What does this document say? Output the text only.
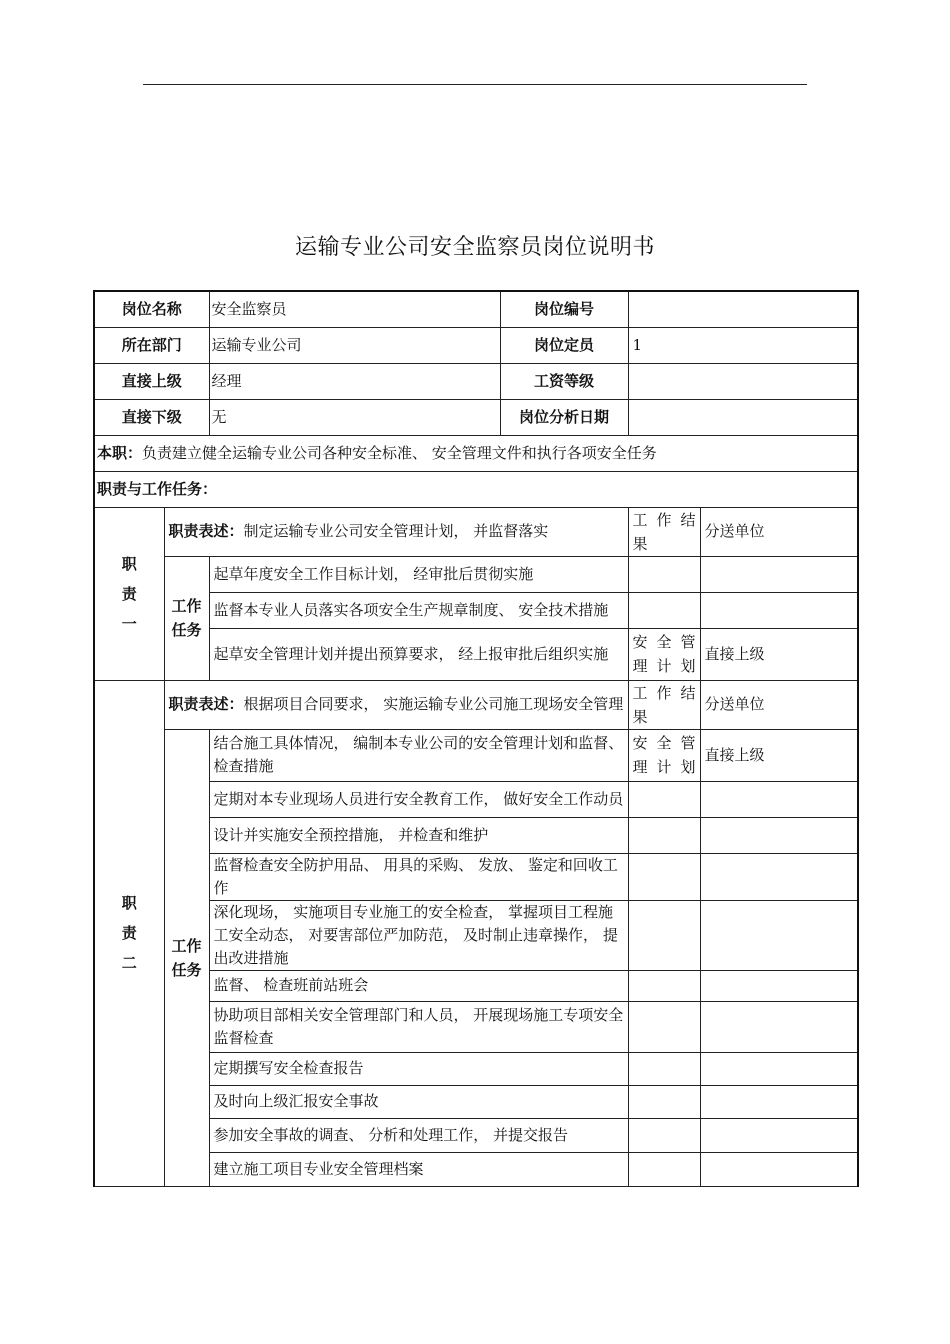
运输专业公司安全监察员岗位说明书
岗位名称		安全监察员	岗位编号		
所在部门		运输专业公司	岗位定员	1	
直接上级		经理	工资等级		
直接下级		无	岗位分析日期		
本职：负责建立健全运输专业公司各种安全标准、 安全管理文件和执行各项安全任务					
职责与工作任务：					

职
责
一	职责表述：制定运输专业公司安全管理计划， 并监督落实			工 作 结 果	分送单位

	工作
任务	起草年度安全工作目标计划， 经审批后贯彻实施			
		监督本专业人员落实各项安全生产规章制度、 安全技术措施			
		起草安全管理计划并提出预算要求， 经上报审批后组织实施		安 全 管 理计划	直接上级

职
责
二	职责表述：根据项目合同要求， 实施运输专业公司施工现场安全管理			工 作 结 果	分送单位

	工作
任务	结合施工具体情况， 编制本专业公司的安全管理计划和监督、 检查措施		安 全 管 理计划	直接上级
		定期对本专业现场人员进行安全教育工作， 做好安全工作动员			
		设计并实施安全预控措施， 并检查和维护			
		监督检查安全防护用品、 用具的采购、 发放、 鉴定和回收工作			
		深化现场， 实施项目专业施工的安全检查， 掌握项目工程施工安全动态， 对要害部位严加防范， 及时制止违章操作， 提出改进措施			
		监督、 检查班前站班会			
		协助项目部相关安全管理部门和人员， 开展现场施工专项安全监督检查			
		定期撰写安全检查报告			
		及时向上级汇报安全事故			
		参加安全事故的调查、 分析和处理工作， 并提交报告			
		建立施工项目专业安全管理档案			
